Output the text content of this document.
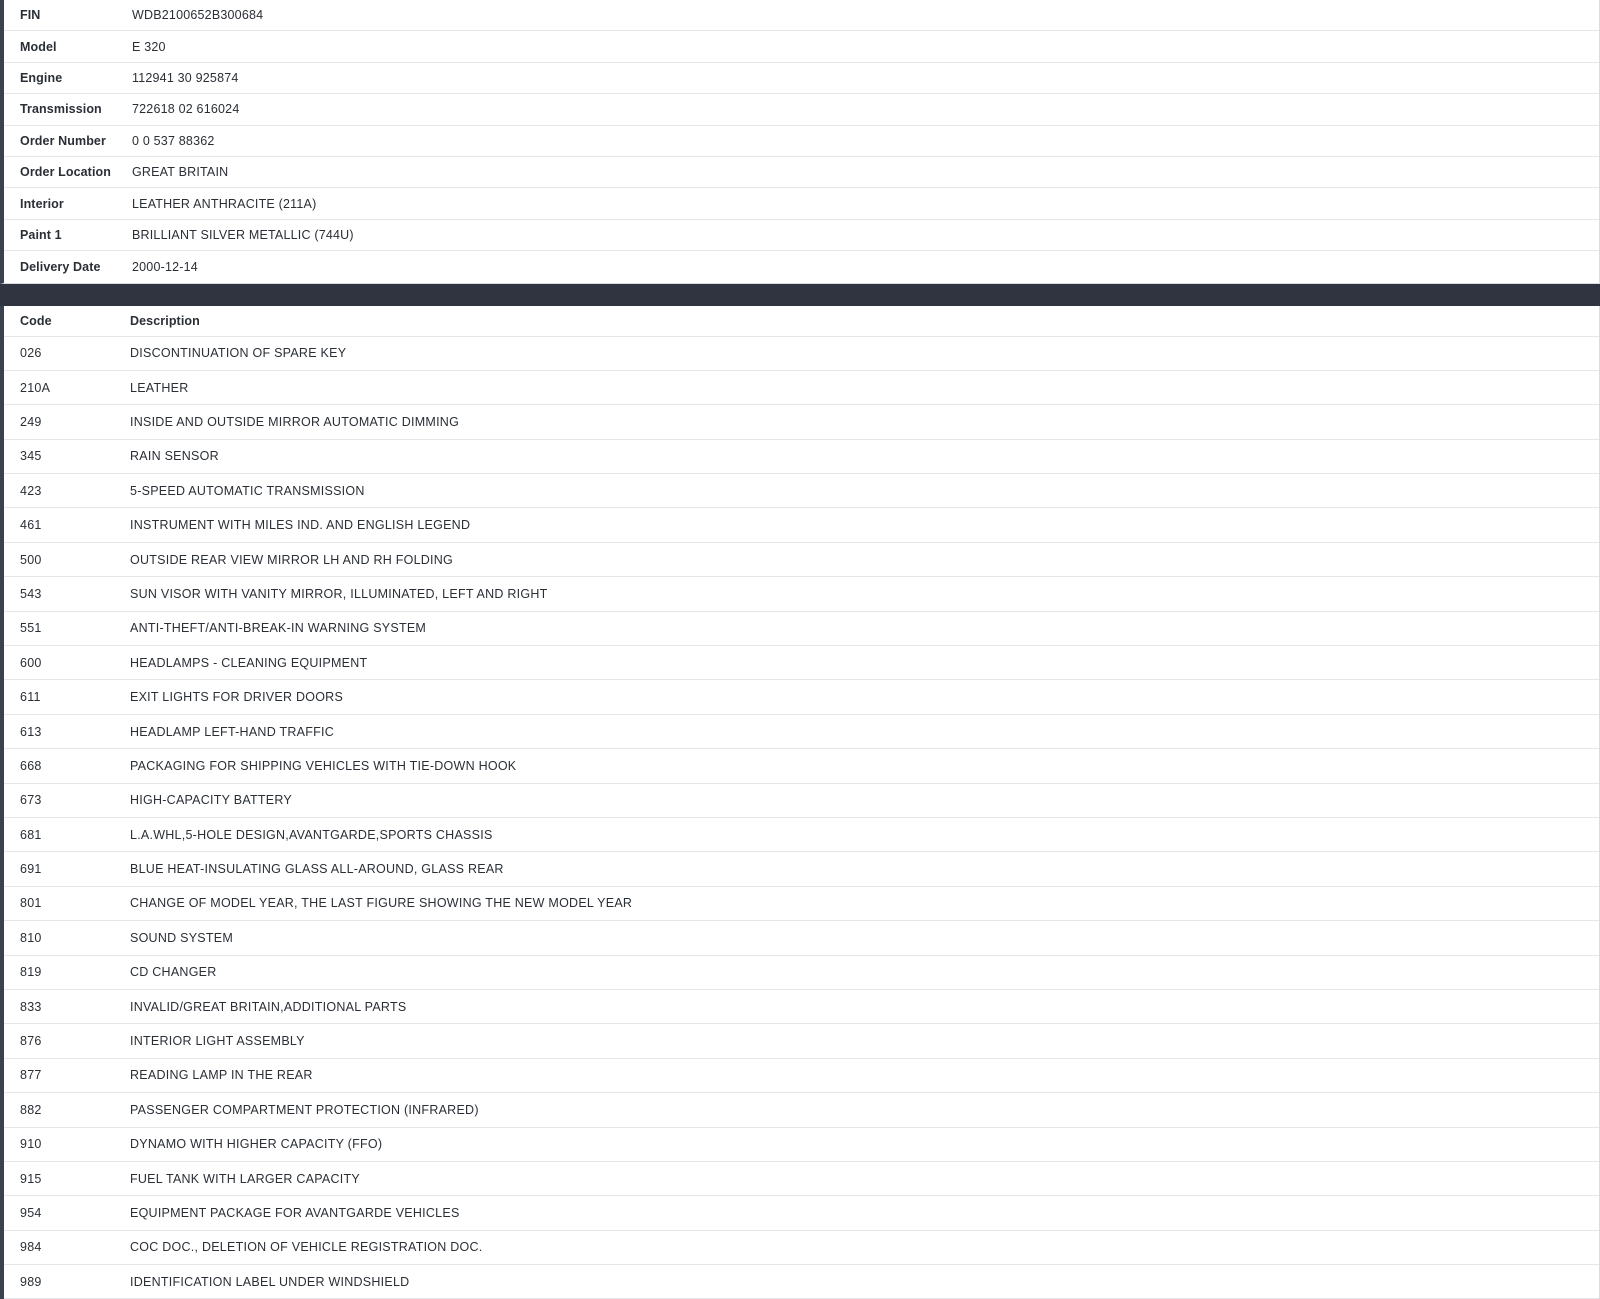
FIN	WDB2100652B300684
Model	E 320
Engine	112941 30 925874
Transmission	722618 02 616024
Order Number	0 0 537 88362
Order Location	GREAT BRITAIN
Interior	LEATHER ANTHRACITE (211A)
Paint 1	BRILLIANT SILVER METALLIC (744U)
Delivery Date	2000-12-14
Code	Description
026	DISCONTINUATION OF SPARE KEY
210A	LEATHER
249	INSIDE AND OUTSIDE MIRROR AUTOMATIC DIMMING
345	RAIN SENSOR
423	5-SPEED AUTOMATIC TRANSMISSION
461	INSTRUMENT WITH MILES IND. AND ENGLISH LEGEND
500	OUTSIDE REAR VIEW MIRROR LH AND RH FOLDING
543	SUN VISOR WITH VANITY MIRROR, ILLUMINATED, LEFT AND RIGHT
551	ANTI-THEFT/ANTI-BREAK-IN WARNING SYSTEM
600	HEADLAMPS - CLEANING EQUIPMENT
611	EXIT LIGHTS FOR DRIVER DOORS
613	HEADLAMP LEFT-HAND TRAFFIC
668	PACKAGING FOR SHIPPING VEHICLES WITH TIE-DOWN HOOK
673	HIGH-CAPACITY BATTERY
681	L.A.WHL,5-HOLE DESIGN,AVANTGARDE,SPORTS CHASSIS
691	BLUE HEAT-INSULATING GLASS ALL-AROUND, GLASS REAR
801	CHANGE OF MODEL YEAR, THE LAST FIGURE SHOWING THE NEW MODEL YEAR
810	SOUND SYSTEM
819	CD CHANGER
833	INVALID/GREAT BRITAIN,ADDITIONAL PARTS
876	INTERIOR LIGHT ASSEMBLY
877	READING LAMP IN THE REAR
882	PASSENGER COMPARTMENT PROTECTION (INFRARED)
910	DYNAMO WITH HIGHER CAPACITY (FFO)
915	FUEL TANK WITH LARGER CAPACITY
954	EQUIPMENT PACKAGE FOR AVANTGARDE VEHICLES
984	COC DOC., DELETION OF VEHICLE REGISTRATION DOC.
989	IDENTIFICATION LABEL UNDER WINDSHIELD
